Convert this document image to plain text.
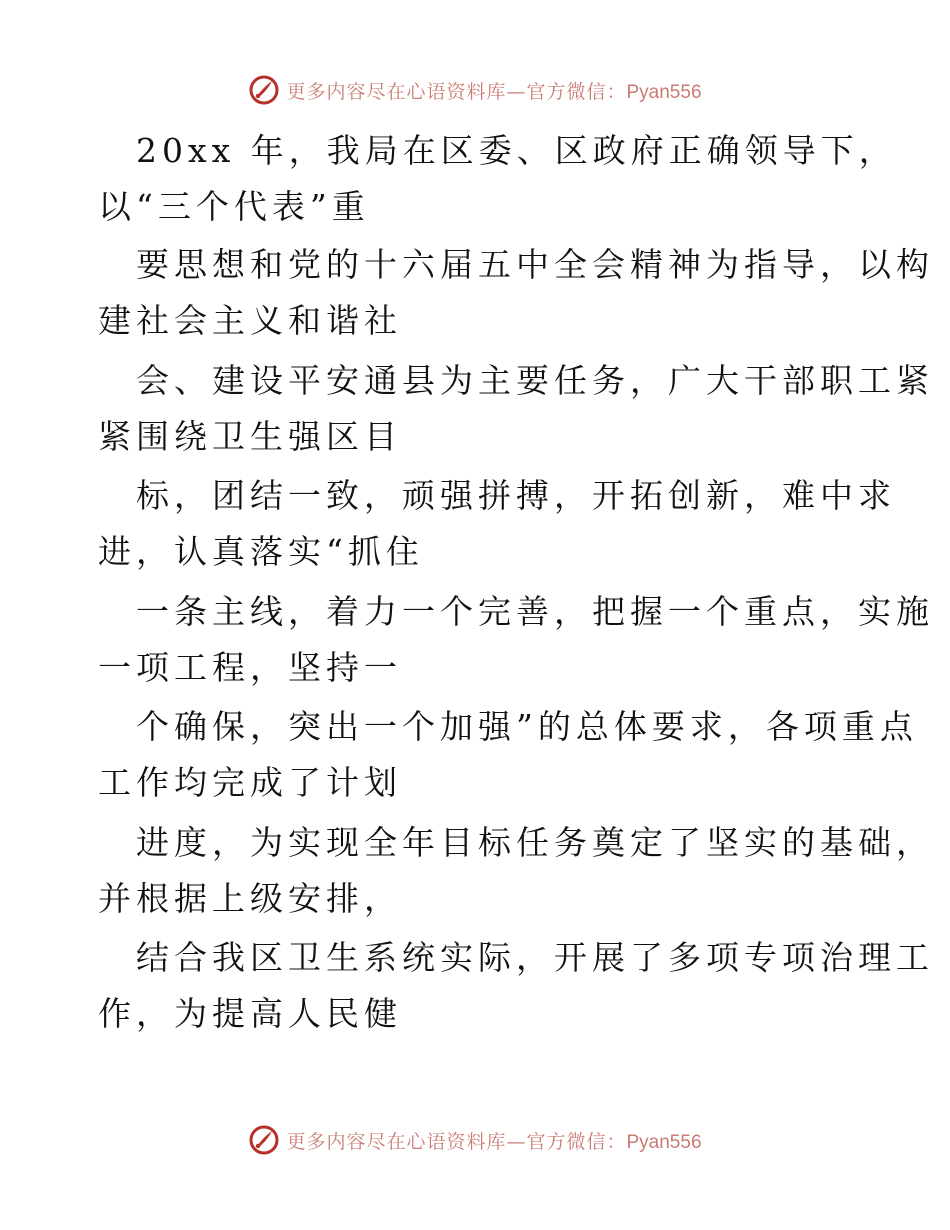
更多内容尽在心语资料库—官方微信：Pyan556
20xx 年，我局在区委、区政府正确领导下，
以“三个代表”重
要思想和党的十六届五中全会精神为指导，以构
建社会主义和谐社
会、建设平安通县为主要任务，广大干部职工紧
紧围绕卫生强区目
标，团结一致，顽强拼搏，开拓创新，难中求
进，认真落实“抓住
一条主线，着力一个完善，把握一个重点，实施
一项工程，坚持一
个确保，突出一个加强”的总体要求，各项重点
工作均完成了计划
进度，为实现全年目标任务奠定了坚实的基础，
并根据上级安排，
结合我区卫生系统实际，开展了多项专项治理工
作，为提高人民健
更多内容尽在心语资料库—官方微信：Pyan556
